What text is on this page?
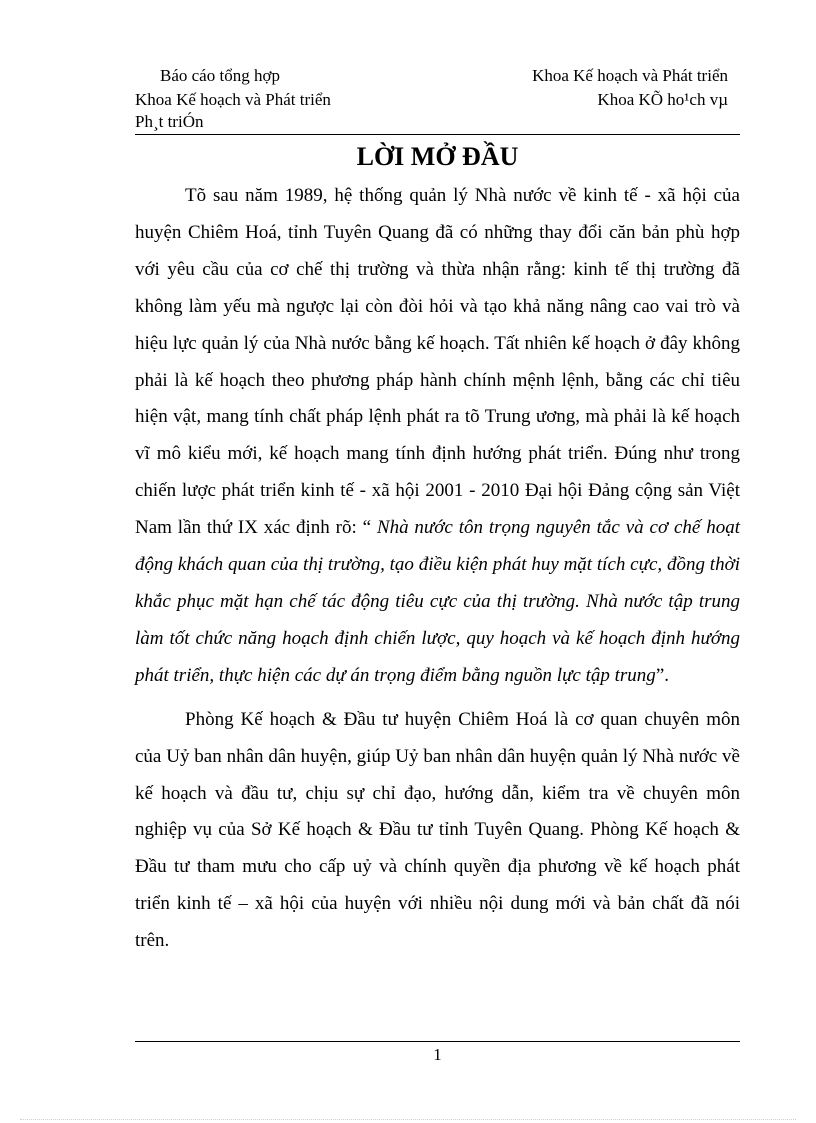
Báo cáo tổng hợp	Khoa Kế hoạch và Phát triển
Khoa Kế hoạch và Phát triển	Khoa KÕ ho¹ch vµ
Ph¸t triÓn
LỜI MỞ ĐẦU

Tõ sau năm 1989, hệ thống quản lý Nhà nước về kinh tế - xã hội của huyện Chiêm Hoá, tỉnh Tuyên Quang đã có những thay đổi căn bản phù hợp với yêu cầu của cơ chế thị trường và thừa nhận rằng: kinh tế thị trường đã không làm yếu mà ngược lại còn đòi hỏi và tạo khả năng nâng cao vai trò và hiệu lực quản lý của Nhà nước bằng kế hoạch. Tất nhiên kế hoạch ở đây không phải là kế hoạch theo phương pháp hành chính mệnh lệnh, bằng các chỉ tiêu hiện vật, mang tính chất pháp lệnh phát ra tõ Trung ương, mà phải là kế hoạch vĩ mô kiểu mới, kế hoạch mang tính định hướng phát triển. Đúng như trong chiến lược phát triển kinh tế - xã hội 2001 - 2010 Đại hội Đảng cộng sản Việt Nam lần thứ IX xác định rõ: “ Nhà nước tôn trọng nguyên tắc và cơ chế hoạt động khách quan của thị trường, tạo điều kiện phát huy mặt tích cực, đồng thời khắc phục mặt hạn chế tác động tiêu cực của thị trường. Nhà nước tập trung làm tốt chức năng hoạch định chiến lược, quy hoạch và kế hoạch định hướng phát triển, thực hiện các dự án trọng điểm bằng nguồn lực tập trung”.

Phòng Kế hoạch & Đầu tư huyện Chiêm Hoá là cơ quan chuyên môn của Uỷ ban nhân dân huyện, giúp Uỷ ban nhân dân huyện quản lý Nhà nước về kế hoạch và đầu tư, chịu sự chỉ đạo, hướng dẫn, kiểm tra về chuyên môn nghiệp vụ của Sở Kế hoạch & Đầu tư tỉnh Tuyên Quang. Phòng Kế hoạch & Đầu tư tham mưu cho cấp uỷ và chính quyền địa phương về kế hoạch phát triển kinh tế – xã hội của huyện với nhiều nội dung mới và bản chất đã nói trên.

1
